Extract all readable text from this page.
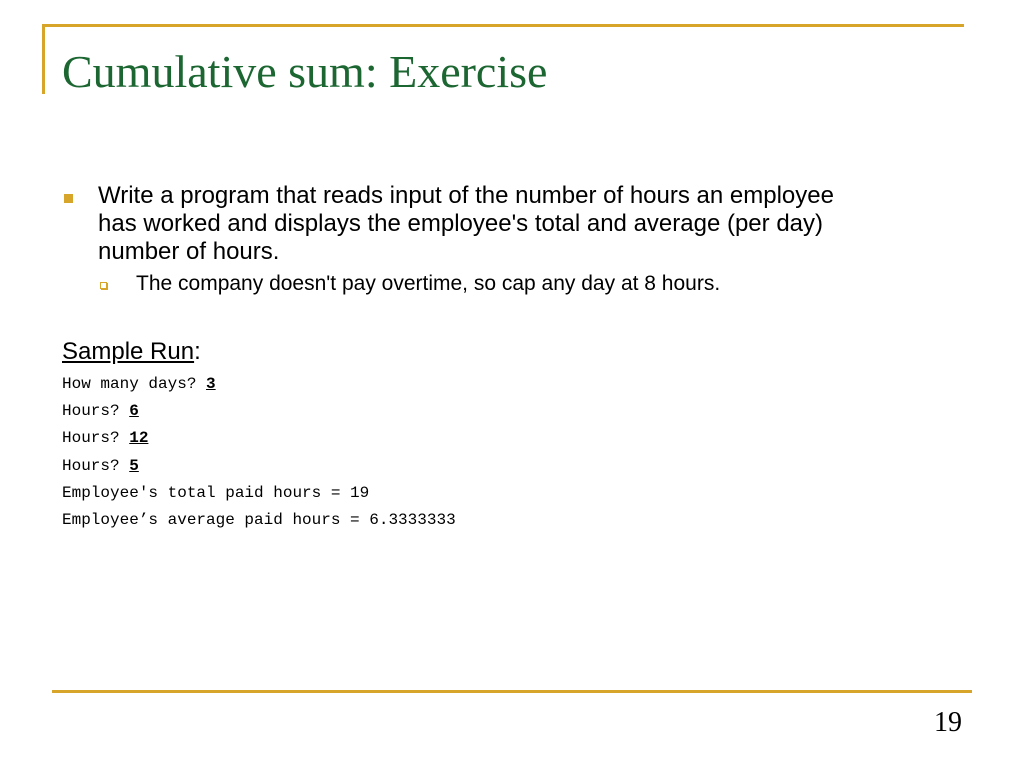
Cumulative sum: Exercise
Write a program that reads input of the number of hours an employee has worked and displays the employee's total and average (per day) number of hours.
The company doesn't pay overtime, so cap any day at 8 hours.
Sample Run:
How many days? 3
Hours? 6
Hours? 12
Hours? 5
Employee's total paid hours = 19
Employee’s average paid hours = 6.3333333
19
